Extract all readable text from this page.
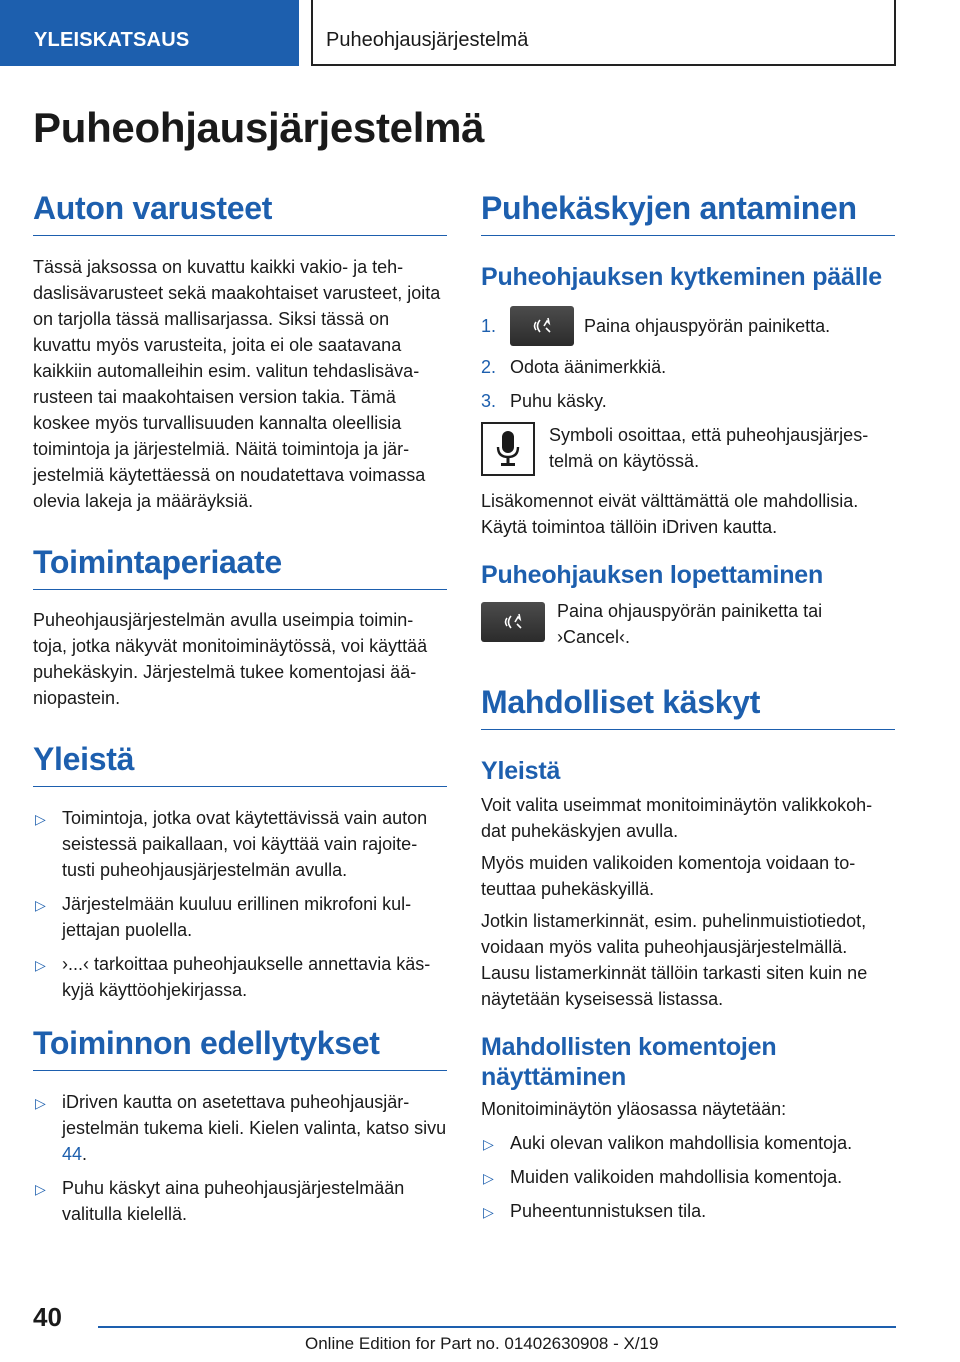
YLEISKATSAUS	Puheohjausjärjestelmä
Puheohjausjärjestelmä
Auton varusteet

Tässä jaksossa on kuvattu kaikki vakio- ja teh-daslisävarusteet sekä maakohtaiset varusteet, joita on tarjolla tässä mallisarjassa. Siksi tässä on kuvattu myös varusteita, joita ei ole saatavana kaikkiin automalleihin esim. valitun tehdaslisäva-rusteen tai maakohtaisen version takia. Tämä koskee myös turvallisuuden kannalta oleellisia toimintoja ja järjestelmiä. Näitä toimintoja ja jär-jestelmiä käytettäessä on noudatettava voimassa olevia lakeja ja määräyksiä.

Toimintaperiaate

Puheohjausjärjestelmän avulla useimpia toimin-toja, jotka näkyvät monitoiminäytössä, voi käyttää puhekäskyin. Järjestelmä tukee komentojasi ää-niopastein.

Yleistä
▷ Toimintoja, jotka ovat käytettävissä vain auton seistessä paikallaan, voi käyttää vain rajoite-tusti puheohjausjärjestelmän avulla.
▷ Järjestelmään kuuluu erillinen mikrofoni kul-jettajan puolella.
▷ ›...‹ tarkoittaa puheohjaukselle annettavia käs-kyjä käyttöohjekirjassa.
Toiminnon edellytykset
▷ iDriven kautta on asetettava puheohjausjär-jestelmän tukema kieli. Kielen valinta, katso sivu 44.
▷ Puhu käskyt aina puheohjausjärjestelmään valitulla kielellä.
Puhekäskyjen antaminen
Puheohjauksen kytkeminen päälle
1.	Paina ohjauspyörän painiketta.
2. Odota äänimerkkiä.
3. Puhu käsky.

Symboli osoittaa, että puheohjausjärjes-telmä on käytössä.

Lisäkomennot eivät välttämättä ole mahdollisia. Käytä toimintoa tällöin iDriven kautta.

Puheohjauksen lopettaminen

Paina ohjauspyörän painiketta tai ›Cancel‹.

Mahdolliset käskyt
Yleistä

Voit valita useimmat monitoiminäytön valikkokoh-dat puhekäskyjen avulla.

Myös muiden valikoiden komentoja voidaan to-teuttaa puhekäskyillä.

Jotkin listamerkinnät, esim. puhelinmuistiotiedot, voidaan myös valita puheohjausjärjestelmällä.

Lausu listamerkinnät tällöin tarkasti siten kuin ne näytetään kyseisessä listassa.

Mahdollisten komentojen näyttäminen

Monitoiminäytön yläosassa näytetään:

▷ Auki olevan valikon mahdollisia komentoja.
▷ Muiden valikoiden mahdollisia komentoja.
▷ Puheentunnistuksen tila.
40
Online Edition for Part no. 01402630908 - X/19
